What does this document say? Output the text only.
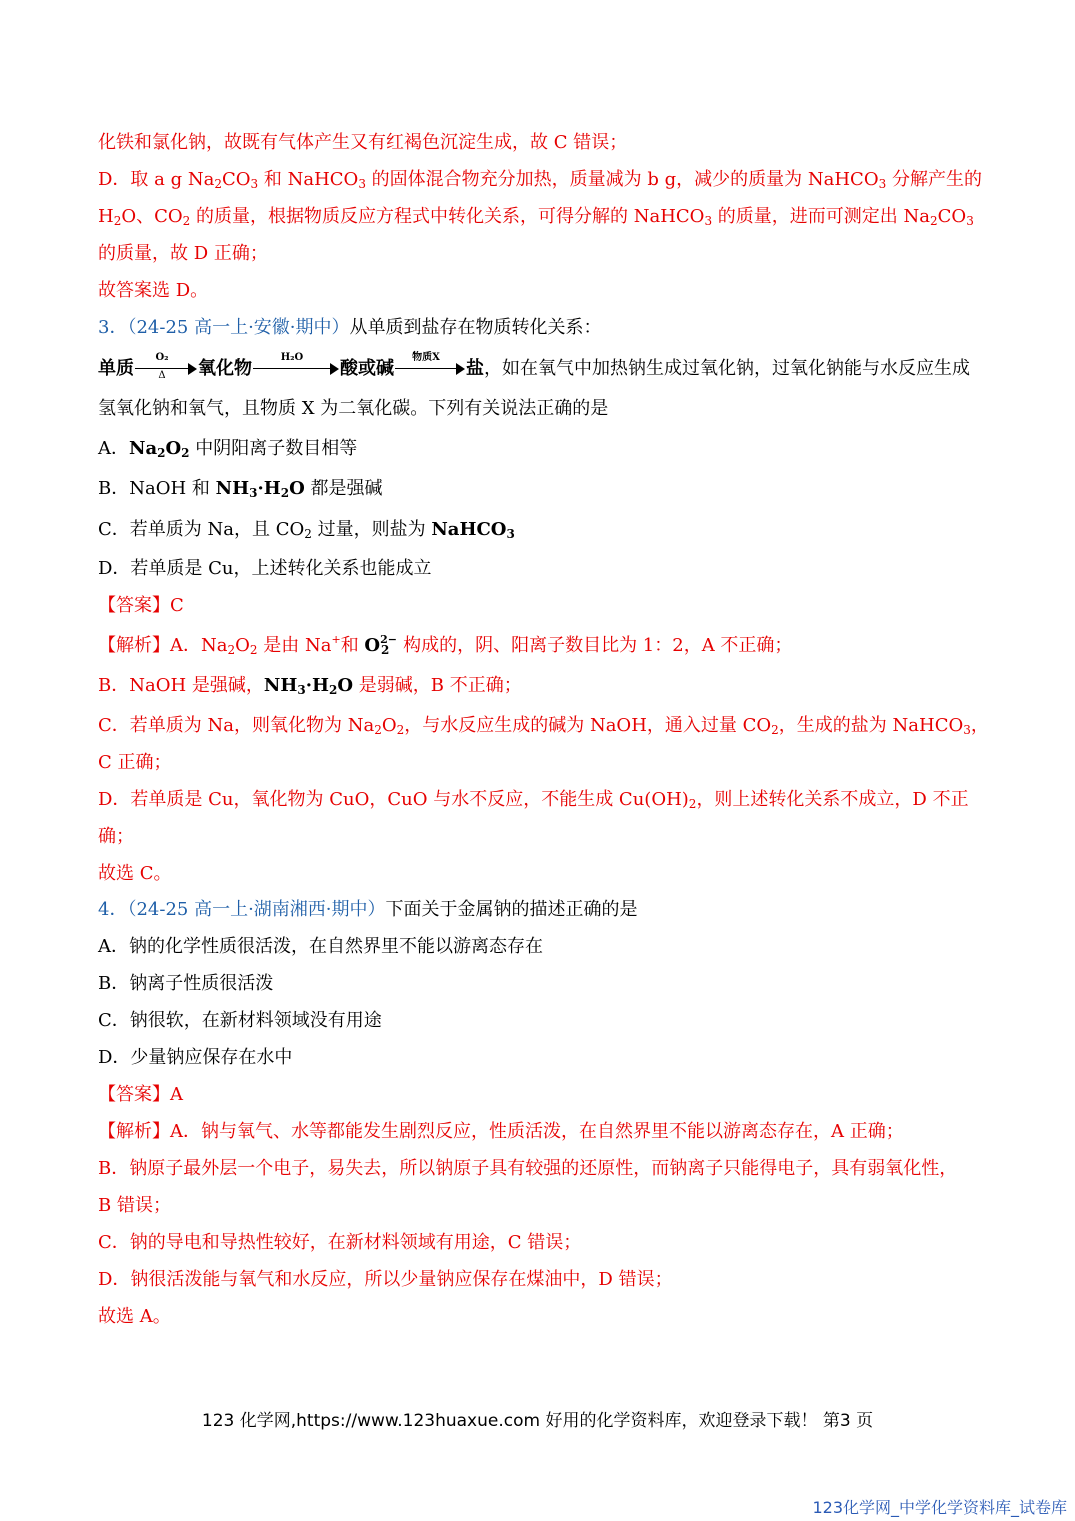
化铁和氯化钠，故既有气体产生又有红褐色沉淀生成，故 C 错误；
D．取 a g $Na_2CO_3$ 和 NaHCO$_3$ 的固体混合物充分加热，质量减为 b g，减少的质量为 NaHCO$_3$ 分解产生的
$H_2O$、$CO_2$ 的质量，根据物质反应方程式中转化关系，可得分解的 NaHCO$_3$ 的质量，进而可测定出 $Na_2CO_3$
的质量，故 D 正确；
故答案选 D。
3．（24-25 高一上·安徽·期中）从单质到盐存在物质转化关系：
单质 $\frac{\text{O₂}}{\Delta}$ 氧化物
H₂O
酸或碱
物质X
盐，如在氧气中加热钠生成过氧化钠，过氧化钠能与水反应生成
氢氧化钠和氧气，且物质 X 为二氧化碳。下列有关说法正确的是
A．$Na_2O_2$ 中阴阳离子数目相等
B．NaOH 和 $NH_3\cdot H_2O$ 都是强碱
C．若单质为 Na，且 $CO_2$ 过量，则盐为 NaHCO$_3$
D．若单质是 Cu，上述转化关系也能成立
【答案】C
【解析】A．$Na_2O_2$ 是由 Na+和 $O^{2-}_2$ 构成的，阴、阳离子数目比为 1：2，A 不正确；
B．NaOH 是强碱，$NH_3\cdot H_2O$ 是弱碱，B 不正确；
C．若单质为 Na，则氧化物为 $Na_2O_2$，与水反应生成的碱为 NaOH，通入过量 $CO_2$，生成的盐为 NaHCO$_3$，
C 正确；
D．若单质是 Cu，氧化物为 CuO，CuO 与水不反应，不能生成 $Cu(OH)_2$，则上述转化关系不成立，D 不正
确；
故选 C。
4．（24-25 高一上·湖南湘西·期中）下面关于金属钠的描述正确的是
A．钠的化学性质很活泼，在自然界里不能以游离态存在
B．钠离子性质很活泼
C．钠很软，在新材料领域没有用途
D．少量钠应保存在水中
【答案】A
【解析】A．钠与氧气、水等都能发生剧烈反应，性质活泼，在自然界里不能以游离态存在，A 正确；
B．钠原子最外层一个电子，易失去，所以钠原子具有较强的还原性，而钠离子只能得电子，具有弱氧化性，
B 错误；
C．钠的导电和导热性较好，在新材料领域有用途，C 错误；
D．钠很活泼能与氧气和水反应，所以少量钠应保存在煤油中，D 错误；
故选 A。
123 化学网,https://www.123huaxue.com 好用的化学资料库，欢迎登录下载！ 第3 页
123化学网_中学化学资料库_试卷库
